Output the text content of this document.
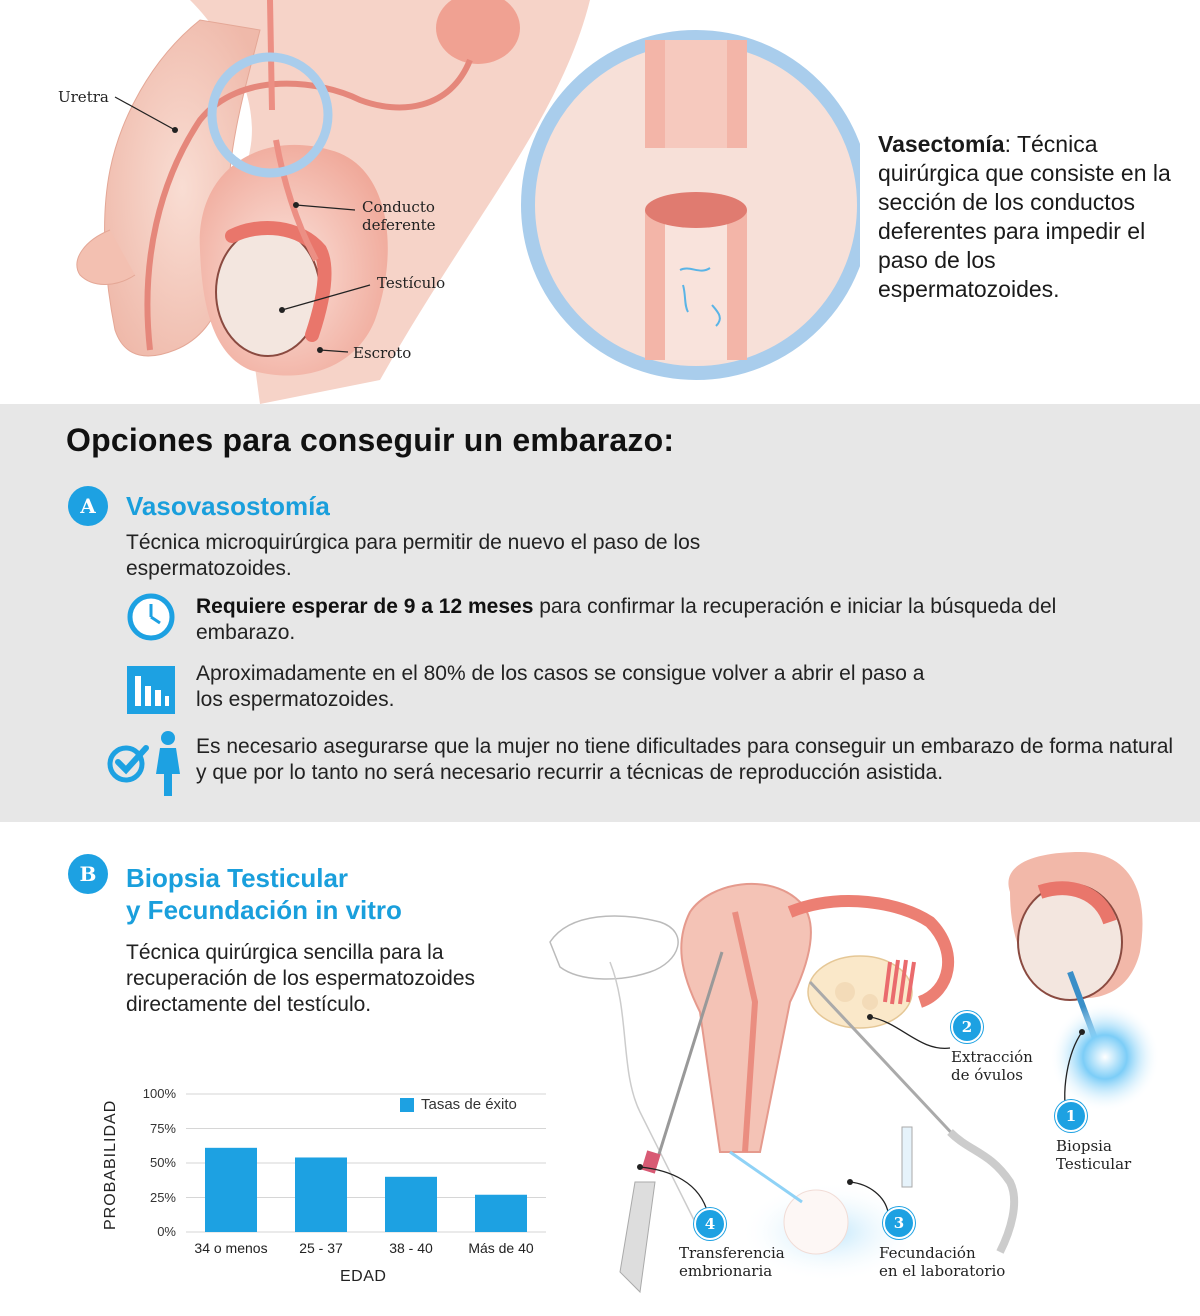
Uretra
Conducto
deferente
Testículo
Escroto
Vasectomía: Técnica quirúrgica que consiste en la sección de los conductos deferentes para impedir el paso de los espermatozoides.
Opciones para conseguir un embarazo:
A	Vasovasostomía
Técnica microquirúrgica para permitir de nuevo el paso de los espermatozoides.
Requiere esperar de 9 a 12 meses para confirmar la recuperación e iniciar la búsqueda del embarazo.
Aproximadamente en el 80% de los casos se consigue volver a abrir el paso a los espermatozoides.
Es necesario asegurarse que la mujer no tiene dificultades para conseguir un embarazo de forma natural y que por lo tanto no será necesario recurrir a técnicas de reproducción asistida.
B	Biopsia Testicular
y Fecundación in vitro
Técnica quirúrgica sencilla para la recuperación de los espermatozoides directamente del testículo.
1
Biopsia
Testicular
2
Extracción
de óvulos
3
Fecundación
en el laboratorio
4
Transferencia
embrionaria
PROBABILIDAD
EDAD
Tasas de éxito
100%
75%
50%
25%
0%
34 o menos	25 - 37	38 - 40	Más de 40
